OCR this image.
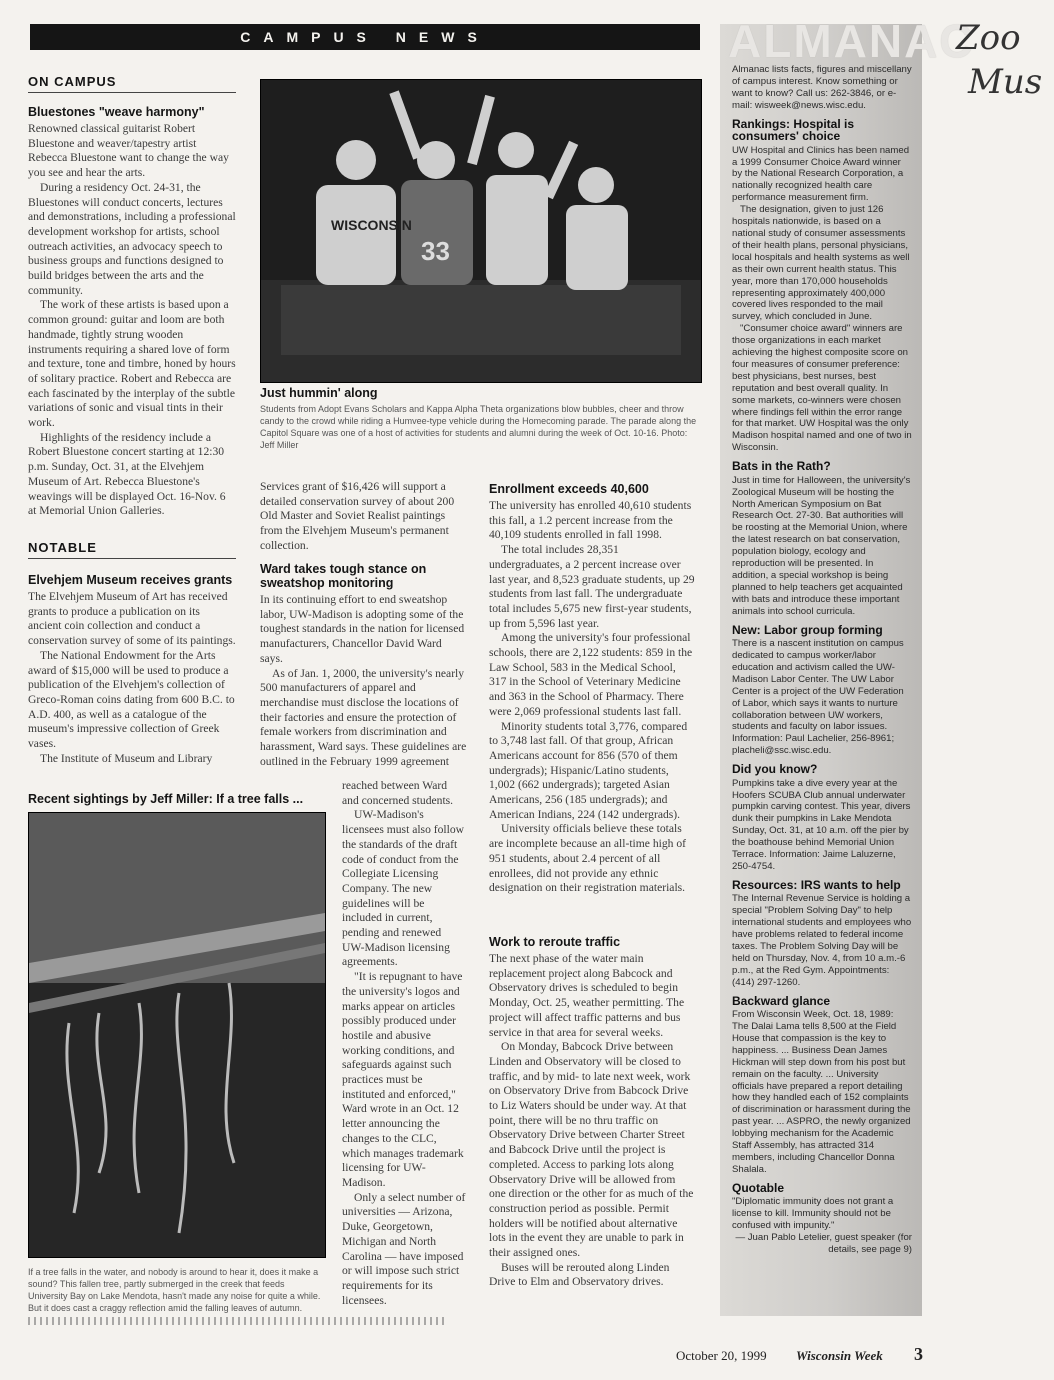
CAMPUS NEWS
ON CAMPUS
Bluestones "weave harmony"

Renowned classical guitarist Robert Bluestone and weaver/tapestry artist Rebecca Bluestone want to change the way you see and hear the arts.

During a residency Oct. 24-31, the Bluestones will conduct concerts, lectures and demonstrations, including a professional development workshop for artists, school outreach activities, an advocacy speech to business groups and functions designed to build bridges between the arts and the community.

The work of these artists is based upon a common ground: guitar and loom are both handmade, tightly strung wooden instruments requiring a shared love of form and texture, tone and timbre, honed by hours of solitary practice. Robert and Rebecca are each fascinated by the interplay of the subtle variations of sonic and visual tints in their work.

Highlights of the residency include a Robert Bluestone concert starting at 12:30 p.m. Sunday, Oct. 31, at the Elvehjem Museum of Art. Rebecca Bluestone's weavings will be displayed Oct. 16-Nov. 6 at Memorial Union Galleries.

NOTABLE
Elvehjem Museum receives grants

The Elvehjem Museum of Art has received grants to produce a publication on its ancient coin collection and conduct a conservation survey of some of its paintings.

The National Endowment for the Arts award of $15,000 will be used to produce a publication of the Elvehjem's collection of Greco-Roman coins dating from 600 B.C. to A.D. 400, as well as a catalogue of the museum's impressive collection of Greek vases.

The Institute of Museum and Library

WISCONSIN
33
Just hummin' along
Students from Adopt Evans Scholars and Kappa Alpha Theta organizations blow bubbles, cheer and throw candy to the crowd while riding a Humvee-type vehicle during the Homecoming parade. The parade along the Capitol Square was one of a host of activities for students and alumni during the week of Oct. 10-16. Photo: Jeff Miller
Recent sightings by Jeff Miller: If a tree falls ...
If a tree falls in the water, and nobody is around to hear it, does it make a sound? This fallen tree, partly submerged in the creek that feeds University Bay on Lake Mendota, hasn't made any noise for quite a while. But it does cast a craggy reflection amid the falling leaves of autumn.

Services grant of $16,426 will support a detailed conservation survey of about 200 Old Master and Soviet Realist paintings from the Elvehjem Museum's permanent collection.

Ward takes tough stance on sweatshop monitoring

In its continuing effort to end sweatshop labor, UW-Madison is adopting some of the toughest standards in the nation for licensed manufacturers, Chancellor David Ward says.

As of Jan. 1, 2000, the university's nearly 500 manufacturers of apparel and merchandise must disclose the locations of their factories and ensure the protection of female workers from discrimination and harassment, Ward says. These guidelines are outlined in the February 1999 agreement

reached between Ward and concerned students.

UW-Madison's licensees must also follow the standards of the draft code of conduct from the Collegiate Licensing Company. The new guidelines will be included in current, pending and renewed UW-Madison licensing agreements.

"It is repugnant to have the university's logos and marks appear on articles possibly produced under hostile and abusive working conditions, and safeguards against such practices must be instituted and enforced," Ward wrote in an Oct. 12 letter announcing the changes to the CLC, which manages trademark licensing for UW-Madison.

Only a select number of universities — Arizona, Duke, Georgetown, Michigan and North Carolina — have imposed or will impose such strict requirements for its licensees.

Enrollment exceeds 40,600

The university has enrolled 40,610 students this fall, a 1.2 percent increase from the 40,109 students enrolled in fall 1998.

The total includes 28,351 undergraduates, a 2 percent increase over last year, and 8,523 graduate students, up 29 students from last fall. The undergraduate total includes 5,675 new first-year students, up from 5,596 last year.

Among the university's four professional schools, there are 2,122 students: 859 in the Law School, 583 in the Medical School, 317 in the School of Veterinary Medicine and 363 in the School of Pharmacy. There were 2,069 professional students last fall.

Minority students total 3,776, compared to 3,748 last fall. Of that group, African Americans account for 856 (570 of them undergrads); Hispanic/Latino students, 1,002 (662 undergrads); targeted Asian Americans, 256 (185 undergrads); and American Indians, 224 (142 undergrads).

University officials believe these totals are incomplete because an all-time high of 951 students, about 2.4 percent of all enrollees, did not provide any ethnic designation on their registration materials.

Work to reroute traffic

The next phase of the water main replacement project along Babcock and Observatory drives is scheduled to begin Monday, Oct. 25, weather permitting. The project will affect traffic patterns and bus service in that area for several weeks.

On Monday, Babcock Drive between Linden and Observatory will be closed to traffic, and by mid- to late next week, work on Observatory Drive from Babcock Drive to Liz Waters should be under way. At that point, there will be no thru traffic on Observatory Drive between Charter Street and Babcock Drive until the project is completed. Access to parking lots along Observatory Drive will be allowed from one direction or the other for as much of the construction period as possible. Permit holders will be notified about alternative lots in the event they are unable to park in their assigned ones.

Buses will be rerouted along Linden Drive to Elm and Observatory drives.

Almanac lists facts, figures and miscellany of campus interest. Know something or want to know? Call us: 262-3846, or e-mail: wisweek@news.wisc.edu.

Rankings: Hospital is consumers' choice

UW Hospital and Clinics has been named a 1999 Consumer Choice Award winner by the National Research Corporation, a nationally recognized health care performance measurement firm.

The designation, given to just 126 hospitals nationwide, is based on a national study of consumer assessments of their health plans, personal physicians, local hospitals and health systems as well as their own current health status. This year, more than 170,000 households representing approximately 400,000 covered lives responded to the mail survey, which concluded in June.

"Consumer choice award" winners are those organizations in each market achieving the highest composite score on four measures of consumer preference: best physicians, best nurses, best reputation and best overall quality. In some markets, co-winners were chosen where findings fell within the error range for that market. UW Hospital was the only Madison hospital named and one of two in Wisconsin.

Bats in the Rath?

Just in time for Halloween, the university's Zoological Museum will be hosting the North American Symposium on Bat Research Oct. 27-30. Bat authorities will be roosting at the Memorial Union, where the latest research on bat conservation, population biology, ecology and reproduction will be presented. In addition, a special workshop is being planned to help teachers get acquainted with bats and introduce these important animals into school curricula.

New: Labor group forming

There is a nascent institution on campus dedicated to campus worker/labor education and activism called the UW-Madison Labor Center. The UW Labor Center is a project of the UW Federation of Labor, which says it wants to nurture collaboration between UW workers, students and faculty on labor issues. Information: Paul Lachelier, 256-8961; placheli@ssc.wisc.edu.

Did you know?

Pumpkins take a dive every year at the Hoofers SCUBA Club annual underwater pumpkin carving contest. This year, divers dunk their pumpkins in Lake Mendota Sunday, Oct. 31, at 10 a.m. off the pier by the boathouse behind Memorial Union Terrace. Information: Jaime Laluzerne, 250-4754.

Resources: IRS wants to help

The Internal Revenue Service is holding a special "Problem Solving Day" to help international students and employees who have problems related to federal income taxes. The Problem Solving Day will be held on Thursday, Nov. 4, from 10 a.m.-6 p.m., at the Red Gym. Appointments: (414) 297-1260.

Backward glance

From Wisconsin Week, Oct. 18, 1989: The Dalai Lama tells 8,500 at the Field House that compassion is the key to happiness. ... Business Dean James Hickman will step down from his post but remain on the faculty. ... University officials have prepared a report detailing how they handled each of 152 complaints of discrimination or harassment during the past year. ... ASPRO, the newly organized lobbying mechanism for the Academic Staff Assembly, has attracted 314 members, including Chancellor Donna Shalala.

Quotable

"Diplomatic immunity does not grant a license to kill. Immunity should not be confused with impunity."

— Juan Pablo Letelier, guest speaker (for details, see page 9)

ALMANAC
Zoo
Mus
October 20, 1999 Wisconsin Week 3
